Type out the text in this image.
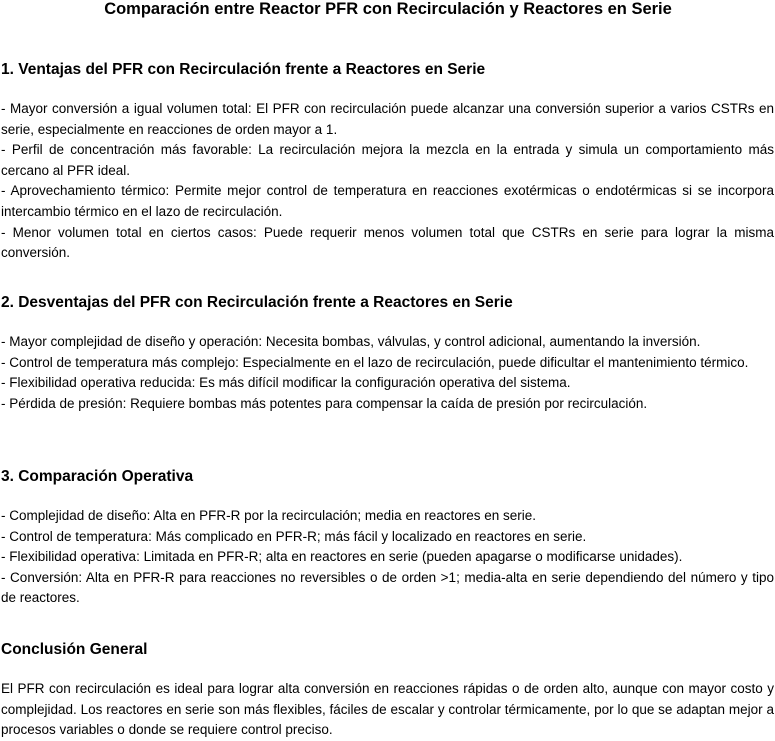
Comparación entre Reactor PFR con Recirculación y Reactores en Serie
1. Ventajas del PFR con Recirculación frente a Reactores en Serie

- Mayor conversión a igual volumen total: El PFR con recirculación puede alcanzar una conversión superior a varios CSTRs en serie, especialmente en reacciones de orden mayor a 1.

- Perfil de concentración más favorable: La recirculación mejora la mezcla en la entrada y simula un comportamiento más cercano al PFR ideal.

- Aprovechamiento térmico: Permite mejor control de temperatura en reacciones exotérmicas o endotérmicas si se incorpora intercambio térmico en el lazo de recirculación.

- Menor volumen total en ciertos casos: Puede requerir menos volumen total que CSTRs en serie para lograr la misma conversión.

2. Desventajas del PFR con Recirculación frente a Reactores en Serie

- Mayor complejidad de diseño y operación: Necesita bombas, válvulas, y control adicional, aumentando la inversión.

- Control de temperatura más complejo: Especialmente en el lazo de recirculación, puede dificultar el mantenimiento térmico.

- Flexibilidad operativa reducida: Es más difícil modificar la configuración operativa del sistema.

- Pérdida de presión: Requiere bombas más potentes para compensar la caída de presión por recirculación.

3. Comparación Operativa

- Complejidad de diseño: Alta en PFR-R por la recirculación; media en reactores en serie.

- Control de temperatura: Más complicado en PFR-R; más fácil y localizado en reactores en serie.

- Flexibilidad operativa: Limitada en PFR-R; alta en reactores en serie (pueden apagarse o modificarse unidades).

- Conversión: Alta en PFR-R para reacciones no reversibles o de orden >1; media-alta en serie dependiendo del número y tipo de reactores.

Conclusión General

El PFR con recirculación es ideal para lograr alta conversión en reacciones rápidas o de orden alto, aunque con mayor costo y complejidad. Los reactores en serie son más flexibles, fáciles de escalar y controlar térmicamente, por lo que se adaptan mejor a procesos variables o donde se requiere control preciso.
